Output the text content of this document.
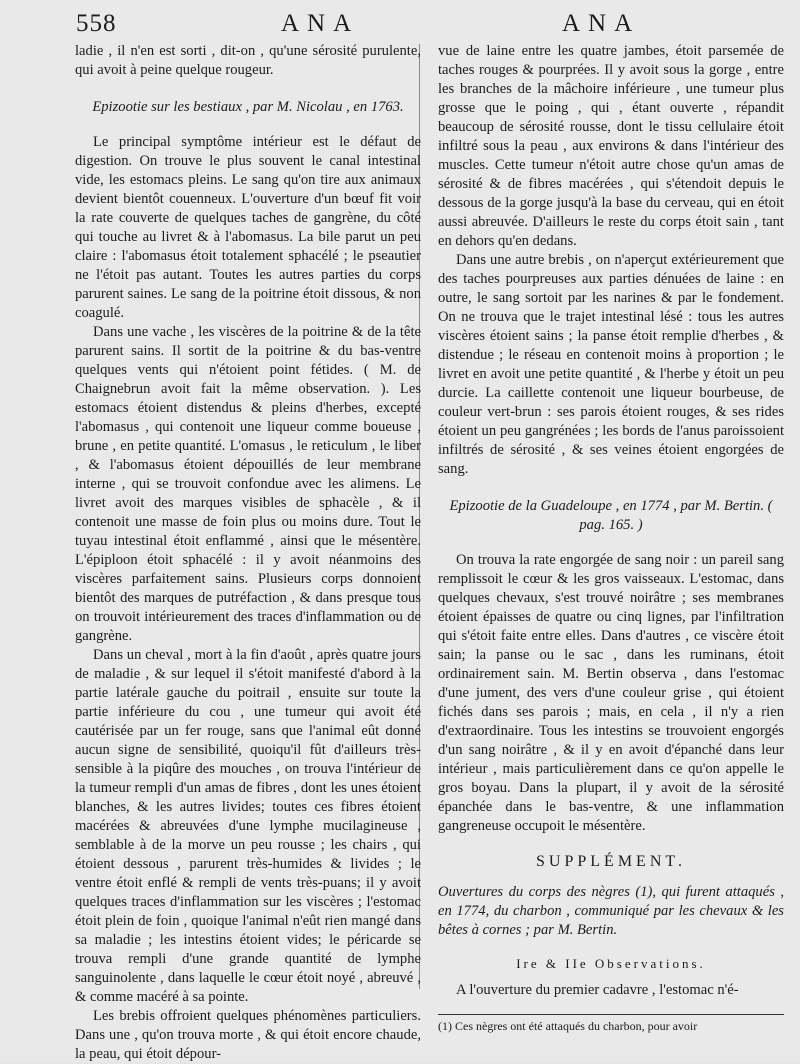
558	ANA	ANA

ladie , il n'en est sorti , dit-on , qu'une sérosité purulente, qui avoit à peine quelque rougeur.

Epizootie sur les bestiaux , par M. Nicolau , en 1763.

Le principal symptôme intérieur est le défaut de digestion. On trouve le plus souvent le canal intestinal vide, les estomacs pleins. Le sang qu'on tire aux animaux devient bientôt couenneux. L'ouverture d'un bœuf fit voir la rate couverte de quelques taches de gangrène, du côté qui touche au livret & à l'abomasus. La bile parut un peu claire : l'abomasus étoit totalement sphacélé ; le pseautier ne l'étoit pas autant. Toutes les autres parties du corps parurent saines. Le sang de la poitrine étoit dissous, & non coagulé.

Dans une vache , les viscères de la poitrine & de la tête parurent sains. Il sortit de la poitrine & du bas-ventre quelques vents qui n'étoient point fétides. ( M. de Chaignebrun avoit fait la même observation. ). Les estomacs étoient distendus & pleins d'herbes, excepté l'abomasus , qui contenoit une liqueur comme boueuse , brune , en petite quantité. L'omasus , le reticulum , le liber , & l'abomasus étoient dépouillés de leur membrane interne , qui se trouvoit confondue avec les alimens. Le livret avoit des marques visibles de sphacèle , & il contenoit une masse de foin plus ou moins dure. Tout le tuyau intestinal étoit enflammé , ainsi que le mésentère. L'épiploon étoit sphacélé : il y avoit néanmoins des viscères parfaitement sains. Plusieurs corps donnoient bientôt des marques de putréfaction , & dans presque tous on trouvoit intérieurement des traces d'inflammation ou de gangrène.

Dans un cheval , mort à la fin d'août , après quatre jours de maladie , & sur lequel il s'étoit manifesté d'abord à la partie latérale gauche du poitrail , ensuite sur toute la partie inférieure du cou , une tumeur qui avoit été cautérisée par un fer rouge, sans que l'animal eût donné aucun signe de sensibilité, quoiqu'il fût d'ailleurs très-sensible à la piqûre des mouches , on trouva l'intérieur de la tumeur rempli d'un amas de fibres , dont les unes étoient blanches, & les autres livides; toutes ces fibres étoient macérées & abreuvées d'une lymphe mucilagineuse , semblable à de la morve un peu rousse ; les chairs , qui étoient dessous , parurent très-humides & livides ; le ventre étoit enflé & rempli de vents très-puans; il y avoit quelques traces d'inflammation sur les viscères ; l'estomac étoit plein de foin , quoique l'animal n'eût rien mangé dans sa maladie ; les intestins étoient vides; le péricarde se trouva rempli d'une grande quantité de lymphe sanguinolente , dans laquelle le cœur étoit noyé , abreuvé , & comme macéré à sa pointe.

Les brebis offroient quelques phénomènes particuliers. Dans une , qu'on trouva morte , & qui étoit encore chaude, la peau, qui étoit dépour-

vue de laine entre les quatre jambes, étoit parsemée de taches rouges & pourprées. Il y avoit sous la gorge , entre les branches de la mâchoire inférieure , une tumeur plus grosse que le poing , qui , étant ouverte , répandit beaucoup de sérosité rousse, dont le tissu cellulaire étoit infiltré sous la peau , aux environs & dans l'intérieur des muscles. Cette tumeur n'étoit autre chose qu'un amas de sérosité & de fibres macérées , qui s'étendoit depuis le dessous de la gorge jusqu'à la base du cerveau, qui en étoit aussi abreuvée. D'ailleurs le reste du corps étoit sain , tant en dehors qu'en dedans.

Dans une autre brebis , on n'aperçut extérieurement que des taches pourpreuses aux parties dénuées de laine : en outre, le sang sortoit par les narines & par le fondement. On ne trouva que le trajet intestinal lésé : tous les autres viscères étoient sains ; la panse étoit remplie d'herbes , & distendue ; le réseau en contenoit moins à proportion ; le livret en avoit une petite quantité , & l'herbe y étoit un peu durcie. La caillette contenoit une liqueur bourbeuse, de couleur vert-brun : ses parois étoient rouges, & ses rides étoient un peu gangrénées ; les bords de l'anus paroissoient infiltrés de sérosité , & ses veines étoient engorgées de sang.

Epizootie de la Guadeloupe , en 1774 , par M. Bertin. ( pag. 165. )

On trouva la rate engorgée de sang noir : un pareil sang remplissoit le cœur & les gros vaisseaux. L'estomac, dans quelques chevaux, s'est trouvé noirâtre ; ses membranes étoient épaisses de quatre ou cinq lignes, par l'infiltration qui s'étoit faite entre elles. Dans d'autres , ce viscère étoit sain; la panse ou le sac , dans les ruminans, étoit ordinairement sain. M. Bertin observa , dans l'estomac d'une jument, des vers d'une couleur grise , qui étoient fichés dans ses parois ; mais, en cela , il n'y a rien d'extraordinaire. Tous les intestins se trouvoient engorgés d'un sang noirâtre , & il y en avoit d'épanché dans leur intérieur , mais particulièrement dans ce qu'on appelle le gros boyau. Dans la plupart, il y avoit de la sérosité épanchée dans le bas-ventre, & une inflammation gangreneuse occupoit le mésentère.

SUPPLÉMENT.

Ouvertures du corps des nègres (1), qui furent attaqués , en 1774, du charbon , communiqué par les chevaux & les bêtes à cornes ; par M. Bertin.

Ire & IIe Observations.

A l'ouverture du premier cadavre , l'estomac n'é-

(1) Ces nègres ont été attaqués du charbon, pour avoir
